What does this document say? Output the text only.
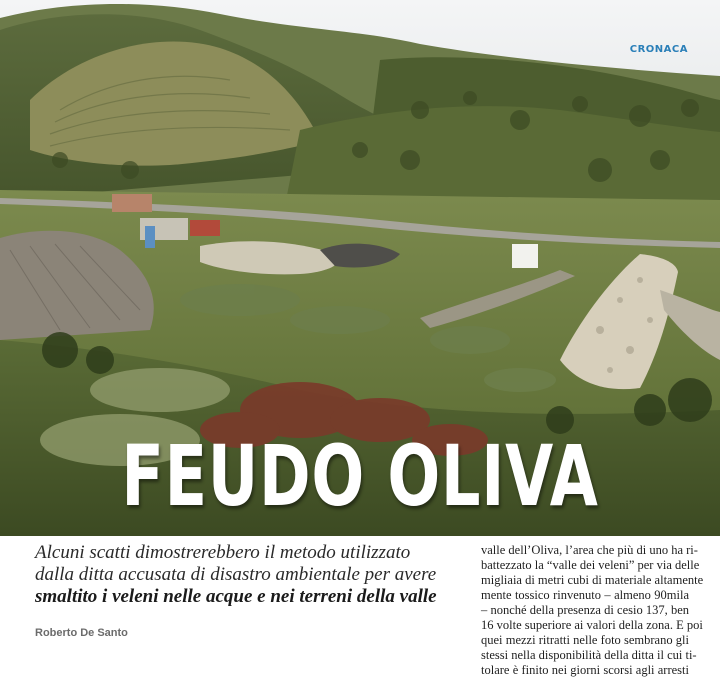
CRONACA
FEUDO OLIVA
Alcuni scatti dimostrerebbero il metodo utilizzato
dalla ditta accusata di disastro ambientale per avere
smaltito i veleni nelle acque e nei terreni della valle
Roberto De Santo
valle dell’Oliva, l’area che più di uno ha ri-
battezzato la “valle dei veleni” per via delle
migliaia di metri cubi di materiale altamente
mente tossico rinvenuto – almeno 90mila
– nonché della presenza di cesio 137, ben
16 volte superiore ai valori della zona. E poi
quei mezzi ritratti nelle foto sembrano gli
stessi nella disponibilità della ditta il cui ti-
tolare è finito nei giorni scorsi agli arresti
